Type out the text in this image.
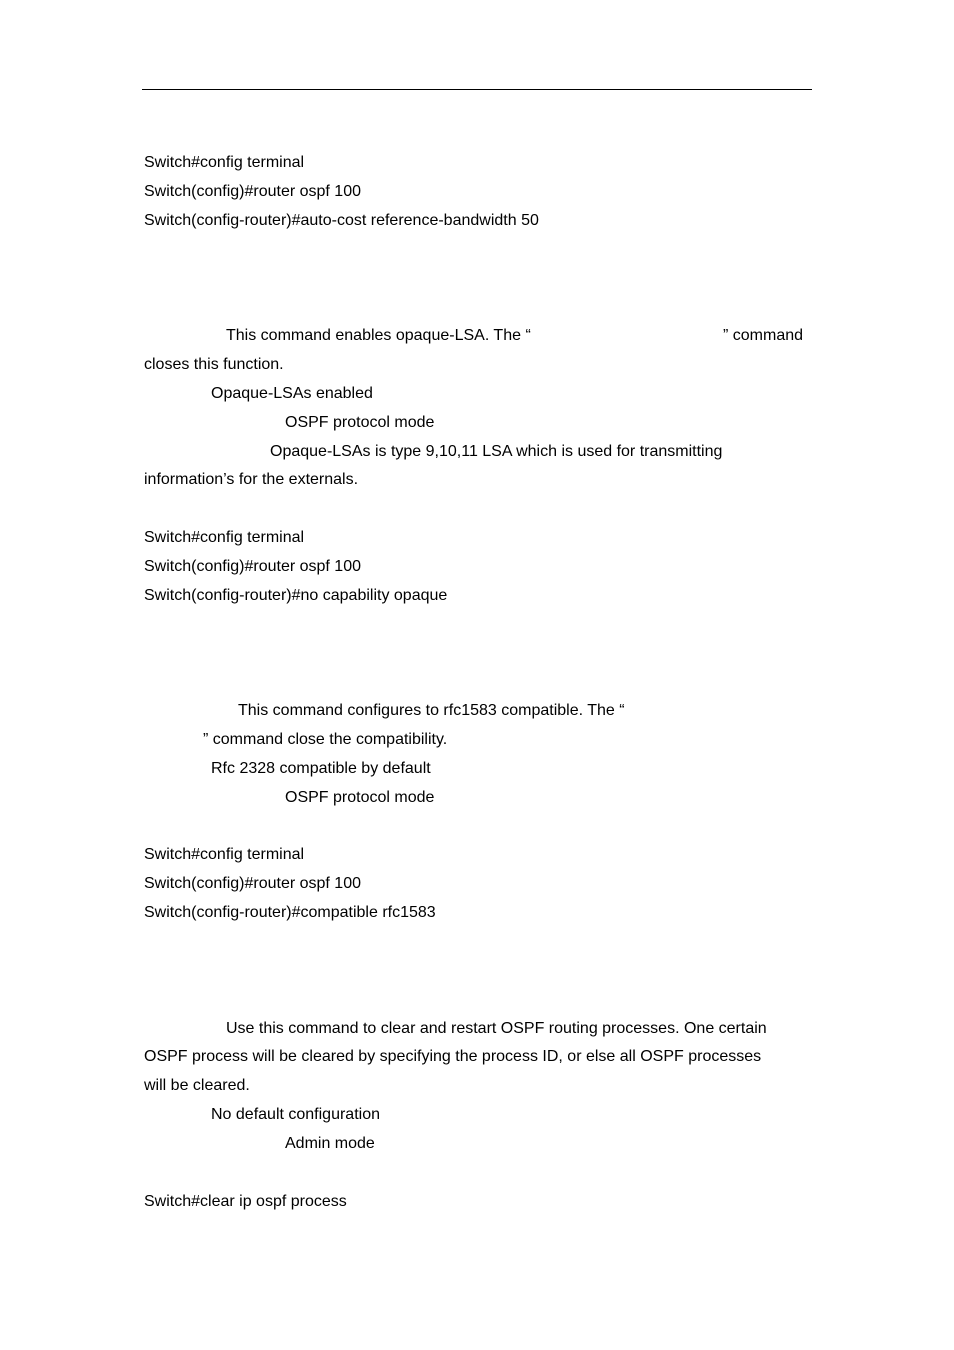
Switch#config terminal
Switch(config)#router ospf 100
Switch(config-router)#auto-cost reference-bandwidth 50
This command enables opaque-LSA. The “	” command
closes this function.
Opaque-LSAs enabled
OSPF protocol mode
Opaque-LSAs is type 9,10,11 LSA which is used for transmitting
information’s for the externals.
Switch#config terminal
Switch(config)#router ospf 100
Switch(config-router)#no capability opaque
This command configures to rfc1583 compatible. The “
” command close the compatibility.
Rfc 2328 compatible by default
OSPF protocol mode
Switch#config terminal
Switch(config)#router ospf 100
Switch(config-router)#compatible rfc1583
Use this command to clear and restart OSPF routing processes. One certain
OSPF process will be cleared by specifying the process ID, or else all OSPF processes
will be cleared.
No default configuration
Admin mode
Switch#clear ip ospf process
